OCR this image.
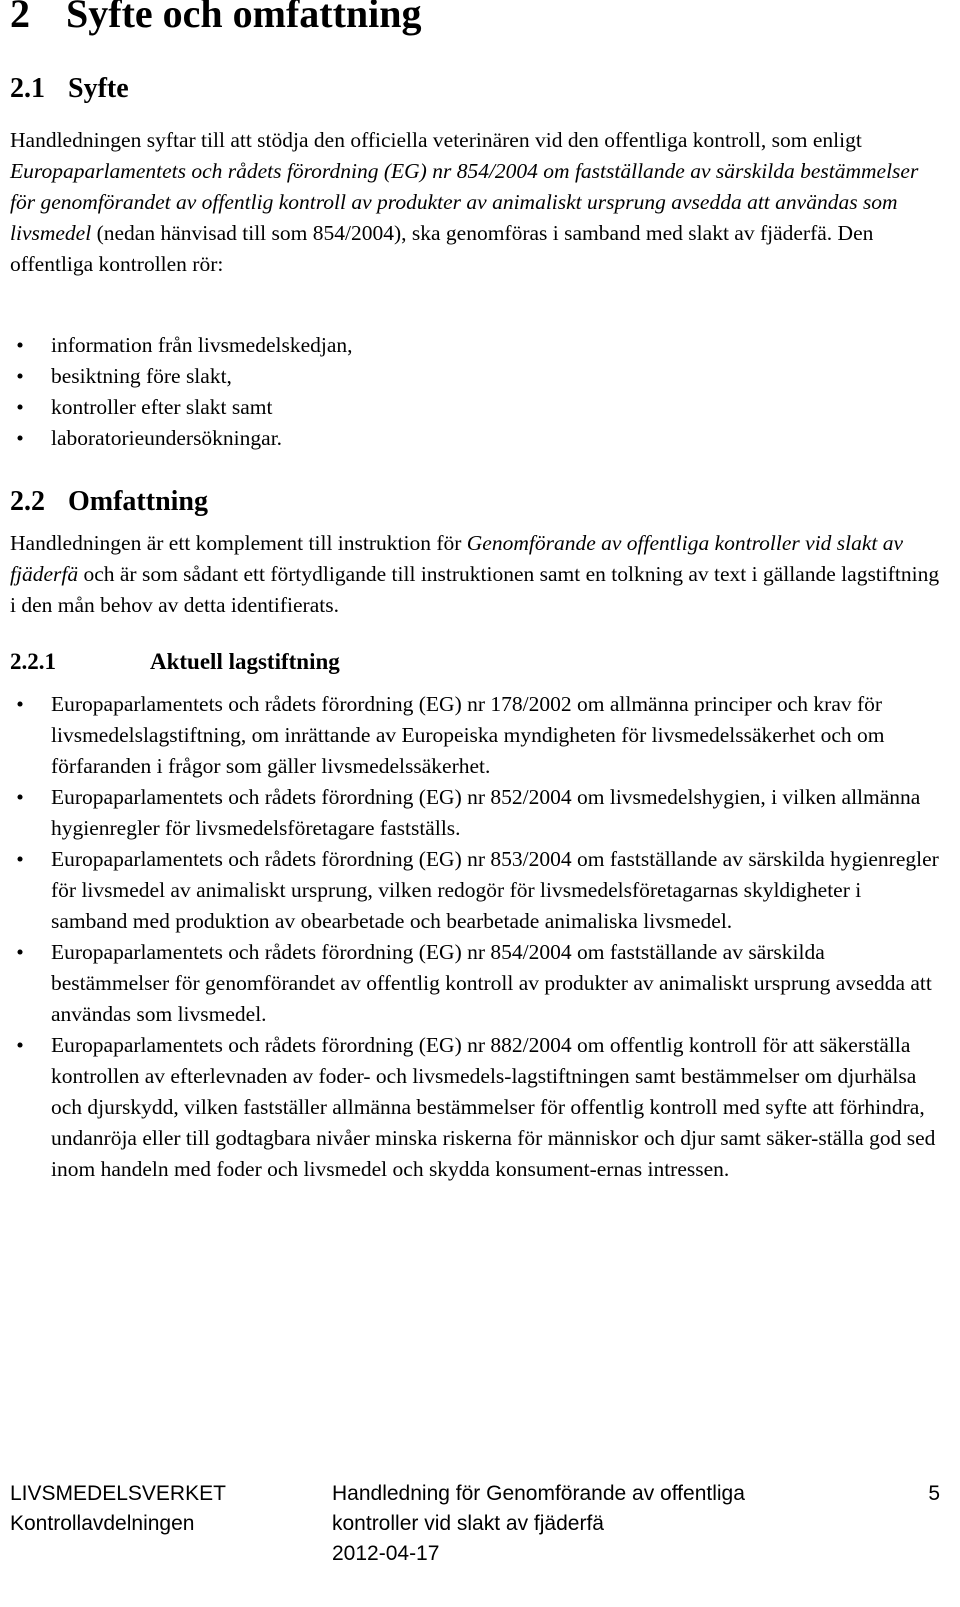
2 Syfte och omfattning
2.1 Syfte

Handledningen syftar till att stödja den officiella veterinären vid den offentliga kontroll, som enligt Europaparlamentets och rådets förordning (EG) nr 854/2004 om fastställande av särskilda bestämmelser för genomförandet av offentlig kontroll av produkter av animaliskt ursprung avsedda att användas som livsmedel (nedan hänvisad till som 854/2004), ska genomföras i samband med slakt av fjäderfä. Den offentliga kontrollen rör:

• information från livsmedelskedjan,
• besiktning före slakt,
• kontroller efter slakt samt
• laboratorieundersökningar.
2.2 Omfattning

Handledningen är ett komplement till instruktion för Genomförande av offentliga kontroller vid slakt av fjäderfä och är som sådant ett förtydligande till instruktionen samt en tolkning av text i gällande lagstiftning i den mån behov av detta identifierats.

2.2.1	Aktuell lagstiftning
• Europaparlamentets och rådets förordning (EG) nr 178/2002 om allmänna principer och krav för livsmedelslagstiftning, om inrättande av Europeiska myndigheten för livsmedelssäkerhet och om förfaranden i frågor som gäller livsmedelssäkerhet.
• Europaparlamentets och rådets förordning (EG) nr 852/2004 om livsmedelshygien, i vilken allmänna hygienregler för livsmedelsföretagare fastställs.
• Europaparlamentets och rådets förordning (EG) nr 853/2004 om fastställande av särskilda hygienregler för livsmedel av animaliskt ursprung, vilken redogör för livsmedelsföretagarnas skyldigheter i samband med produktion av obearbetade och bearbetade animaliska livsmedel.
• Europaparlamentets och rådets förordning (EG) nr 854/2004 om fastställande av särskilda bestämmelser för genomförandet av offentlig kontroll av produkter av animaliskt ursprung avsedda att användas som livsmedel.
• Europaparlamentets och rådets förordning (EG) nr 882/2004 om offentlig kontroll för att säkerställa kontrollen av efterlevnaden av foder- och livsmedels-lagstiftningen samt bestämmelser om djurhälsa och djurskydd, vilken fastställer allmänna bestämmelser för offentlig kontroll med syfte att förhindra, undanröja eller till godtagbara nivåer minska riskerna för människor och djur samt säker-ställa god sed inom handeln med foder och livsmedel och skydda konsument-ernas intressen.
LIVSMEDELSVERKET
Kontrollavdelningen
Handledning för Genomförande av offentliga
kontroller vid slakt av fjäderfä
2012-04-17
5
